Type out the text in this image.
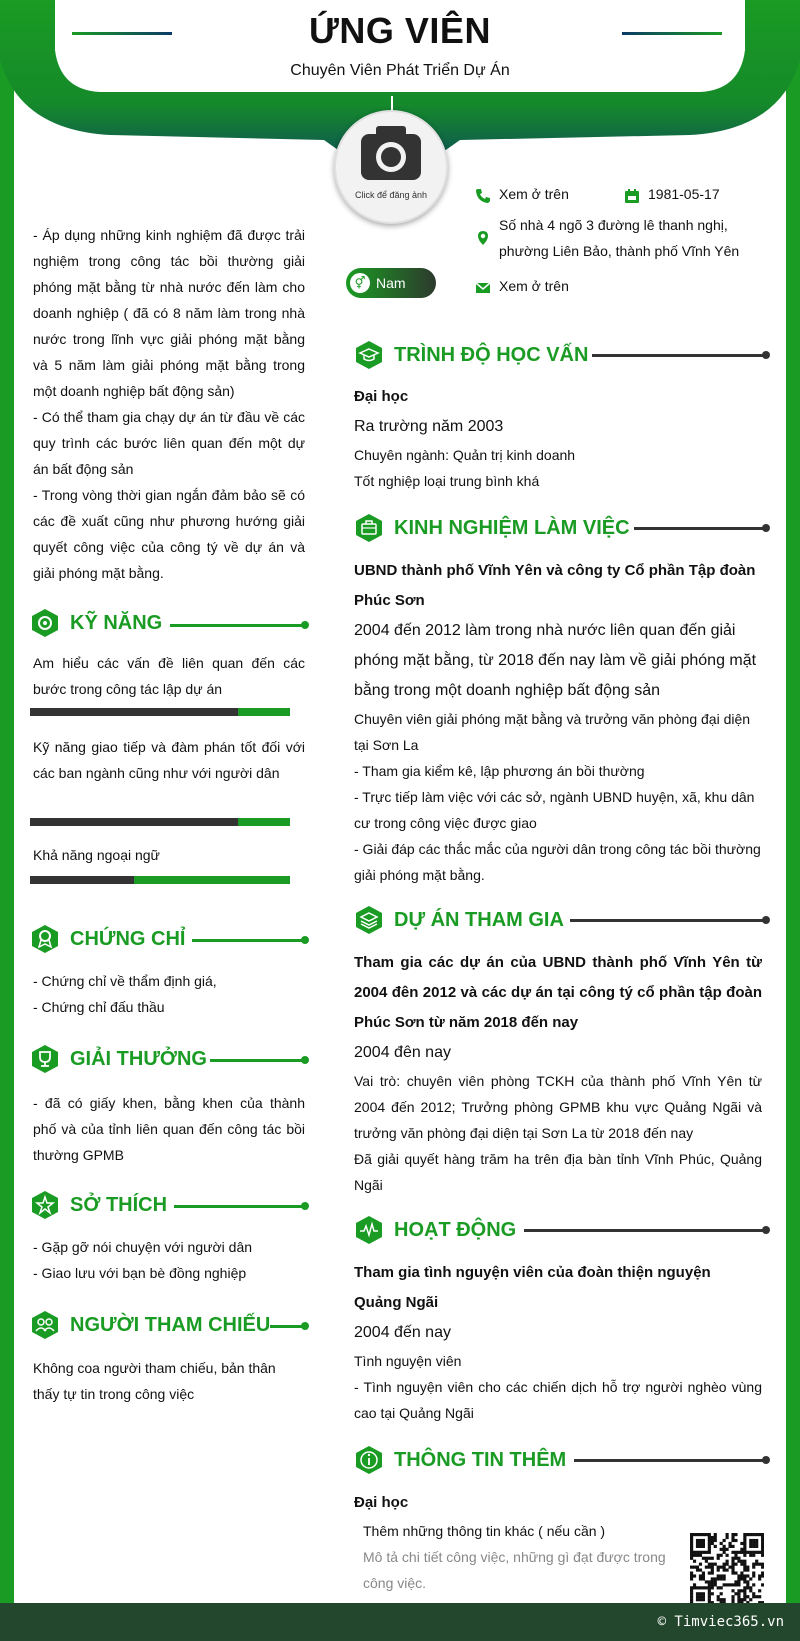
ỨNG VIÊN
Chuyên Viên Phát Triển Dự Án
Click để đăng ảnh	Xem ở trên	1981-05-17
Số nhà 4 ngõ 3 đường lê thanh nghị, phường Liên Bảo, thành phố Vĩnh Yên
⚥ Nam	Xem ở trên
- Áp dụng những kinh nghiệm đã được trải nghiệm trong công tác bồi thường giải phóng mặt bằng từ nhà nước đến làm cho doanh nghiệp ( đã có 8 năm làm trong nhà nước trong lĩnh vực giải phóng mặt bằng và 5 năm làm giải phóng mặt bằng trong một doanh nghiệp bất động sản)
- Có thể tham gia chạy dự án từ đầu về các quy trình các bước liên quan đến một dự án bất động sản
- Trong vòng thời gian ngắn đảm bảo sẽ có các đề xuất cũng như phương hướng giải quyết công việc của công tý về dự án và giải phóng mặt bằng.
KỸ NĂNG
Am hiểu các vấn đề liên quan đến các bước trong công tác lập dự án
Kỹ năng giao tiếp và đàm phán tốt đối với các ban ngành cũng như với người dân
Khả năng ngoại ngữ
CHỨNG CHỈ
- Chứng chỉ về thẩm định giá,
- Chứng chỉ đấu thầu
GIẢI THƯỞNG
- đã có giấy khen, bằng khen của thành phố và của tỉnh liên quan đến công tác bồi thường GPMB
SỞ THÍCH
- Gặp gỡ nói chuyện với người dân
- Giao lưu với bạn bè đồng nghiệp
NGƯỜI THAM CHIẾU
Không coa người tham chiếu, bản thân thấy tự tin trong công việc
TRÌNH ĐỘ HỌC VẤN
Đại học
Ra trường năm 2003
Chuyên ngành: Quản trị kinh doanh
Tốt nghiệp loại trung bình khá
KINH NGHIỆM LÀM VIỆC
UBND thành phố Vĩnh Yên và công ty Cổ phần Tập đoàn Phúc Sơn
2004 đến 2012 làm trong nhà nước liên quan đến giải phóng mặt bằng, từ 2018 đến nay làm về giải phóng mặt bằng trong một doanh nghiệp bất động sản
Chuyên viên giải phóng mặt bằng và trưởng văn phòng đại diện tại Sơn La
- Tham gia kiểm kê, lập phương án bồi thường
- Trực tiếp làm việc với các sở, ngành UBND huyện, xã, khu dân cư trong công việc được giao
- Giải đáp các thắc mắc của người dân trong công tác bồi thường giải phóng mặt bằng.
DỰ ÁN THAM GIA
Tham gia các dự án của UBND thành phố Vĩnh Yên từ 2004 đên 2012 và các dự án tại công tý cổ phần tập đoàn Phúc Sơn từ năm 2018 đến nay
2004 đên nay
Vai trò: chuyên viên phòng TCKH của thành phố Vĩnh Yên từ 2004 đến 2012; Trưởng phòng GPMB khu vực Quảng Ngãi và trưởng văn phòng đại diện tại Sơn La từ 2018 đến nay
Đã giải quyết hàng trăm ha trên địa bàn tỉnh Vĩnh Phúc, Quảng Ngãi
HOẠT ĐỘNG
Tham gia tình nguyện viên của đoàn thiện nguyện Quảng Ngãi
2004 đến nay
Tình nguyện viên
- Tình nguyện viên cho các chiến dịch hỗ trợ người nghèo vùng cao tại Quảng Ngãi
THÔNG TIN THÊM
Đại học
Thêm những thông tin khác ( nếu cần )
Mô tả chi tiết công việc, những gì đạt được trong công việc.
© Timviec365.vn
